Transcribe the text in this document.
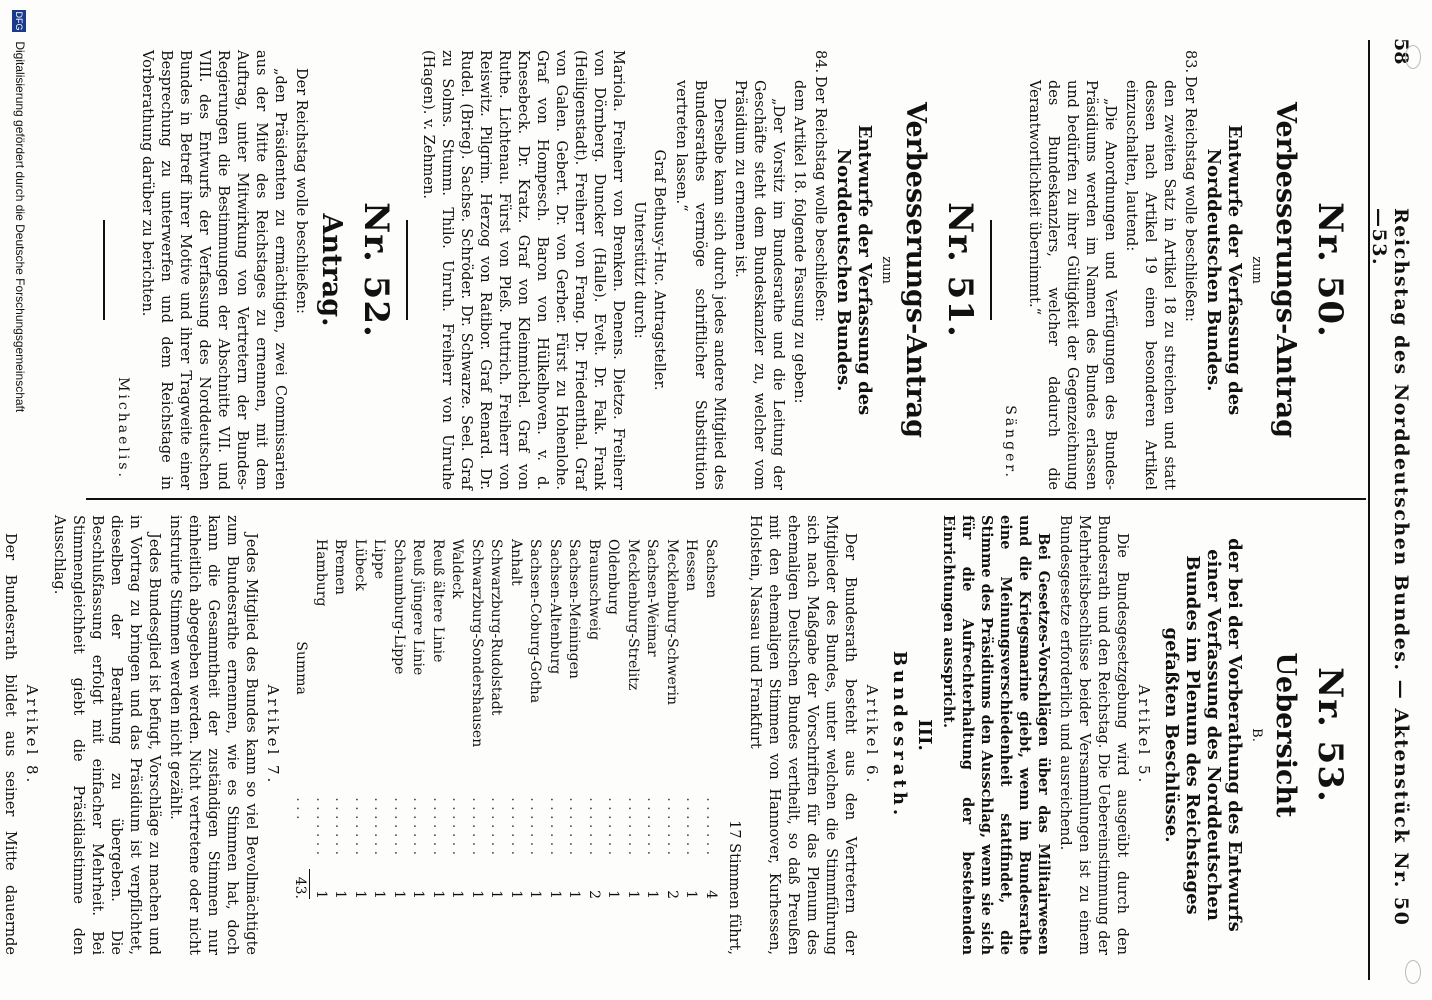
58
Reichstag des Norddeutschen Bundes. — Aktenstück Nr. 50—53.
Nr. 50.
Verbesserungs-Antrag
zum
Entwurfe der Verfassung des Norddeutschen Bundes.
83.Der Reichstag wolle beschließen:
den zweiten Satz in Artikel 18 zu streichen und statt dessen nach Artikel 19 einen besonderen Artikel einzuschalten, lautend:
„Die Anordnungen und Verfügungen des Bundes-Präsidiums werden im Namen des Bundes erlassen und bedürfen zu ihrer Gültigkeit der Gegenzeichnung des Bundeskanzlers, welcher dadurch die Verantwortlichkeit übernimmt.“
Sänger.
Nr. 51.
Verbesserungs-Antrag
zum
Entwurfe der Verfassung des Norddeutschen Bundes.
84.Der Reichstag wolle beschließen:
dem Artikel 18. folgende Fassung zu geben:
„Der Vorsitz im Bundesrathe und die Leitung der Geschäfte steht dem Bundeskanzler zu, welcher vom Präsidium zu ernennen ist.
Derselbe kann sich durch jedes andere Mitglied des Bundesrathes vermöge schriftlicher Substitution vertreten lassen.“
Graf Bethusy-Huc. Antragsteller.
Unterstützt durch:
Mariola. Freiherr von Brenken. Denens. Dietze. Freiherr von Dörnberg. Duncker (Halle). Evelt. Dr. Falk. Frank (Heiligenstadt). Freiherr von Frang. Dr. Friedenthal. Graf von Galen. Gebert. Dr. von Gerber. Fürst zu Hohenlohe. Graf von Hompesch. Baron von Hülkelhoven. v. d. Knesebeck. Dr. Kratz. Graf von Kleinmichel. Graf von Ruthe. Lichtenau. Fürst von Pleß. Puttrich. Freiherr von Reiswitz. Pilgrim. Herzog von Ratibor. Graf Renard. Dr. Rudel. (Brieg). Sachse. Schröder. Dr. Schwarze. Seel. Graf zu Solms. Stumm. Thilo. Unruh. Freiherr von Unruhe (Hagen). v. Zehmen.
Nr. 52.
Antrag.
Der Reichstag wolle beschließen:
„den Präsidenten zu ermächtigen, zwei Commissarien aus der Mitte des Reichstages zu ernennen, mit dem Auftrag, unter Mitwirkung von Vertretern der Bundes-Regierungen die Bestimmungen der Abschnitte VII. und VIII. des Entwurfs der Verfassung des Norddeutschen Bundes in Betreff ihrer Motive und ihrer Tragweite einer Besprechung zu unterwerfen und dem Reichstage in Vorberathung darüber zu berichten.
Michaelis.
Nr. 53.
Uebersicht
B.
der bei der Vorberathung des Entwurfs einer Verfassung des Norddeutschen Bundes im Plenum des Reichstages gefaßten Beschlüsse.
Artikel 5.
Die Bundesgesetzgebung wird ausgeübt durch den Bundesrath und den Reichstag. Die Uebereinstimmung der Mehrheitsbeschlüsse beider Versammlungen ist zu einem Bundesgesetze erforderlich und ausreichend.
Bei Gesetzes-Vorschlägen über das Militairwesen und die Kriegsmarine giebt, wenn im Bundesrathe eine Meinungsverschiedenheit stattfindet, die Stimme des Präsidiums den Ausschlag, wenn sie sich für die Aufrechterhaltung der bestehenden Einrichtungen ausspricht.
III.
Bundesrath.
Artikel 6.
Der Bundesrath besteht aus den Vertretern der Mitglieder des Bundes, unter welchen die Stimmführung sich nach Maßgabe der Vorschriften für das Plenum des ehemaligen Deutschen Bundes vertheilt, so daß Preußen mit den ehemaligen Stimmen von Hannover, Kurhessen, Holstein, Nassau und Frankfurt
17 Stimmen führt,
Sachsen	. . . . . . .	4
Hessen	. . . . . . .	1
Mecklenburg-Schwerin	. . . . . . .	2
Sachsen-Weimar	. . . . . . .	1
Mecklenburg-Strelitz	. . . . . . .	1
Oldenburg	. . . . . . .	1
Braunschweig	. . . . . . .	2
Sachsen-Meiningen	. . . . . . .	1
Sachsen-Altenburg	. . . . . . .	1
Sachsen-Coburg-Gotha	. . . . . . .	1
Anhalt	. . . . . . .	1
Schwarzburg-Rudolstadt	. . . . . . .	1
Schwarzburg-Sondershausen	. . . . . . .	1
Waldeck	. . . . . . .	1
Reuß ältere Linie	. . . . . . .	1
Reuß jüngere Linie	. . . . . . .	1
Schaumburg-Lippe	. . . . . . .	1
Lippe	. . . . . . .	1
Lübeck	. . . . . . .	1
Bremen	. . . . . . .	1
Hamburg	. . . . . . .	1
Summa	. . .	43.
Artikel 7.
Jedes Mitglied des Bundes kann so viel Bevollmächtigte zum Bundesrathe ernennen, wie es Stimmen hat, doch kann die Gesammtheit der zuständigen Stimmen nur einheitlich abgegeben werden. Nicht vertretene oder nicht instruirte Stimmen werden nicht gezählt.
Jedes Bundesglied ist befugt, Vorschläge zu machen und in Vortrag zu bringen und das Präsidium ist verpflichtet, dieselben der Berathung zu übergeben. Die Beschlußfassung erfolgt mit einfacher Mehrheit. Bei Stimmengleichheit giebt die Präsidialstimme den Ausschlag.
Artikel 8.
Der Bundesrath bildet aus seiner Mitte dauernde
DFG Digitalisierung gefördert durch die Deutsche Forschungsgemeinschaft
